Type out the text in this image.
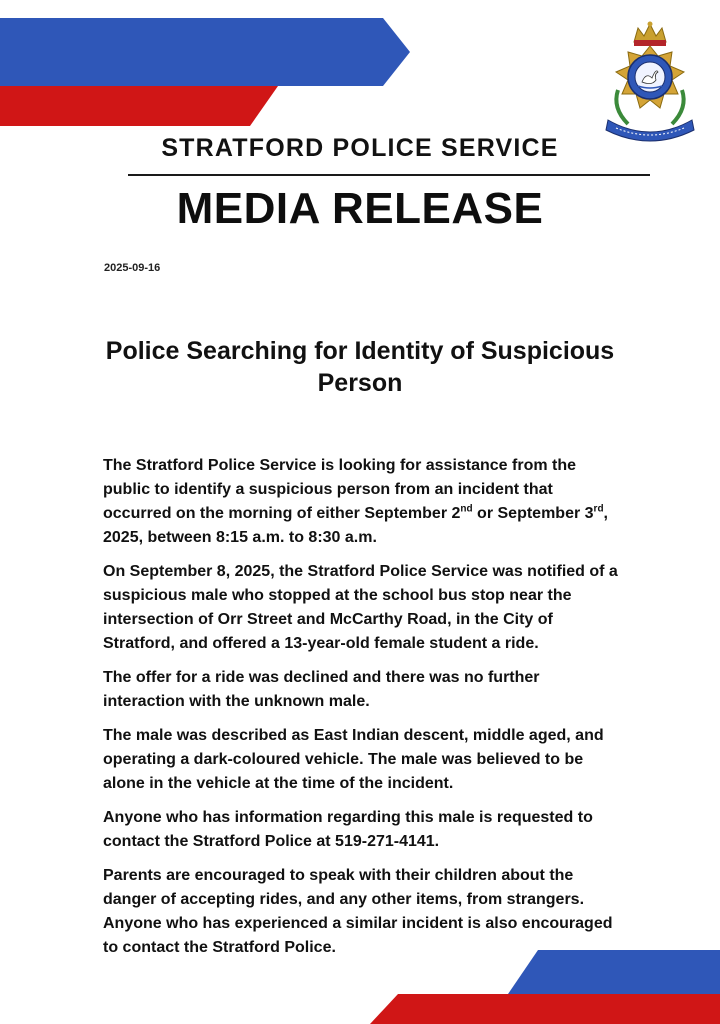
STRATFORD POLICE SERVICE
MEDIA RELEASE
2025-09-16
Police Searching for Identity of Suspicious Person

The Stratford Police Service is looking for assistance from the public to identify a suspicious person from an incident that occurred on the morning of either September 2nd or September 3rd, 2025, between 8:15 a.m. to 8:30 a.m.

On September 8, 2025, the Stratford Police Service was notified of a suspicious male who stopped at the school bus stop near the intersection of Orr Street and McCarthy Road, in the City of Stratford, and offered a 13-year-old female student a ride.

The offer for a ride was declined and there was no further interaction with the unknown male.

The male was described as East Indian descent, middle aged, and operating a dark-coloured vehicle. The male was believed to be alone in the vehicle at the time of the incident.

Anyone who has information regarding this male is requested to contact the Stratford Police at 519-271-4141.

Parents are encouraged to speak with their children about the danger of accepting rides, and any other items, from strangers. Anyone who has experienced a similar incident is also encouraged to contact the Stratford Police.
